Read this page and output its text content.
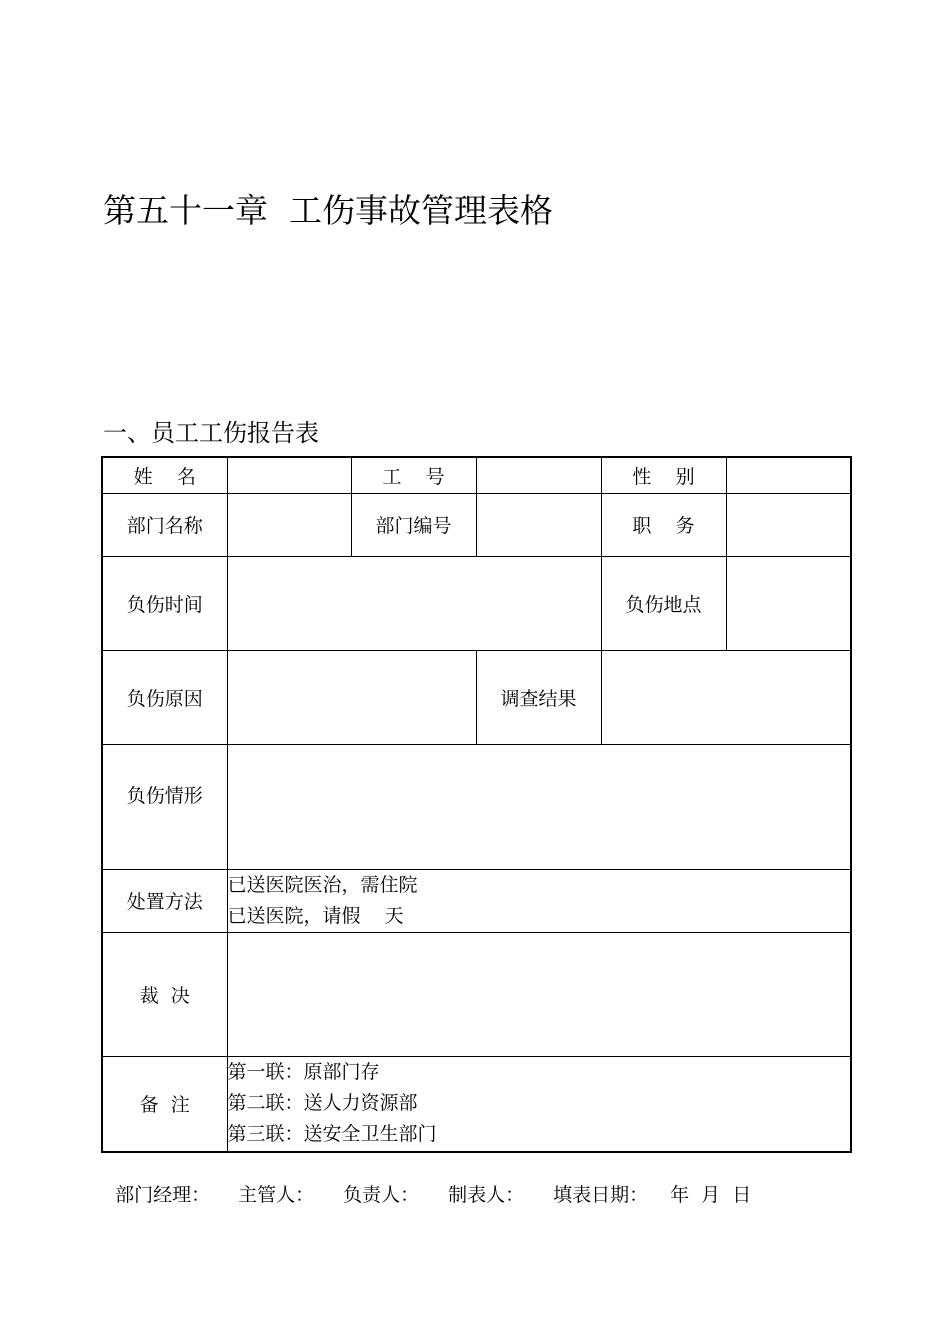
第五十一章  工伤事故管理表格
一、员工工伤报告表
姓    名		工    号		性    别	
部门名称		部门编号		职    务	
负伤时间				负伤地点	
负伤原因			调查结果		
负伤情形					
处置方法	已送医院医治，需住院
已送医院，请假    天				

裁  决					
备  注	第一联：原部门存
第二联：送人力资源部
第三联：送安全卫生部门				

部门经理： 主管人： 负责人： 制表人： 填表日期： 年  月  日
